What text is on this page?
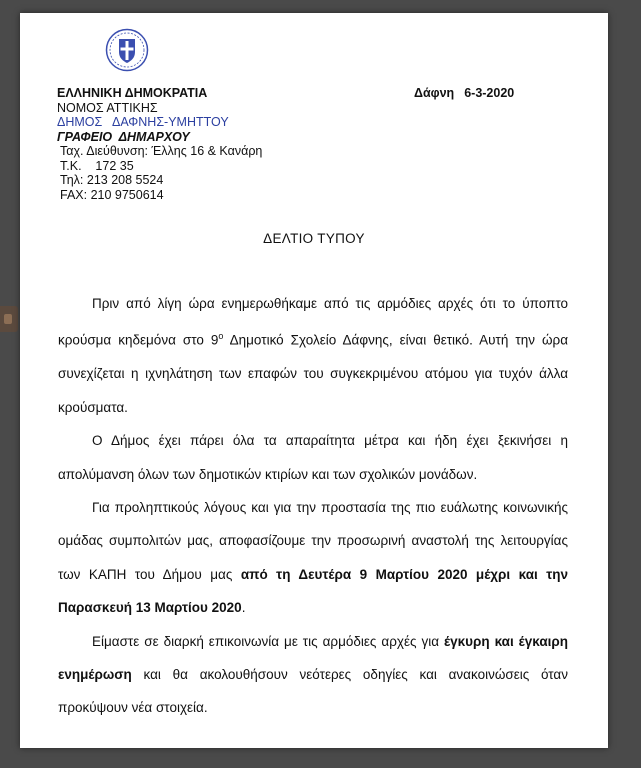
ΕΛΛΗΝΙΚΗ ΔΗΜΟΚΡΑΤΙΑ
ΝΟΜΟΣ ΑΤΤΙΚΗΣ
ΔΗΜΟΣ   ΔΑΦΝΗΣ-ΥΜΗΤΤΟΥ
ΓΡΑΦΕΙΟ  ΔΗΜΑΡΧΟΥ
Ταχ. Διεύθυνση: Έλλης 16 & Κανάρη
Τ.Κ.    172 35
Τηλ: 213 208 5524
FAX: 210 9750614
Δάφνη 6-3-2020
ΔΕΛΤΙΟ ΤΥΠΟΥ

Πριν από λίγη ώρα ενημερωθήκαμε από τις αρμόδιες αρχές ότι το ύποπτο κρούσμα κηδεμόνα στο $9^o$ Δημοτικό Σχολείο Δάφνης, είναι θετικό. Αυτή την ώρα συνεχίζεται η ιχνηλάτηση των επαφών του συγκεκριμένου ατόμου για τυχόν άλλα κρούσματα.

Ο Δήμος έχει πάρει όλα τα απαραίτητα μέτρα και ήδη έχει ξεκινήσει η απολύμανση όλων των δημοτικών κτιρίων και των σχολικών μονάδων.

Για προληπτικούς λόγους και για την προστασία της πιο ευάλωτης κοινωνικής ομάδας συμπολιτών μας, αποφασίζουμε την προσωρινή αναστολή της λειτουργίας των ΚΑΠΗ του Δήμου μας από τη Δευτέρα 9 Μαρτίου 2020 μέχρι και την Παρασκευή 13 Μαρτίου 2020.

Είμαστε σε διαρκή επικοινωνία με τις αρμόδιες αρχές για έγκυρη και έγκαιρη ενημέρωση και θα ακολουθήσουν νεότερες οδηγίες και ανακοινώσεις όταν προκύψουν νέα στοιχεία.
